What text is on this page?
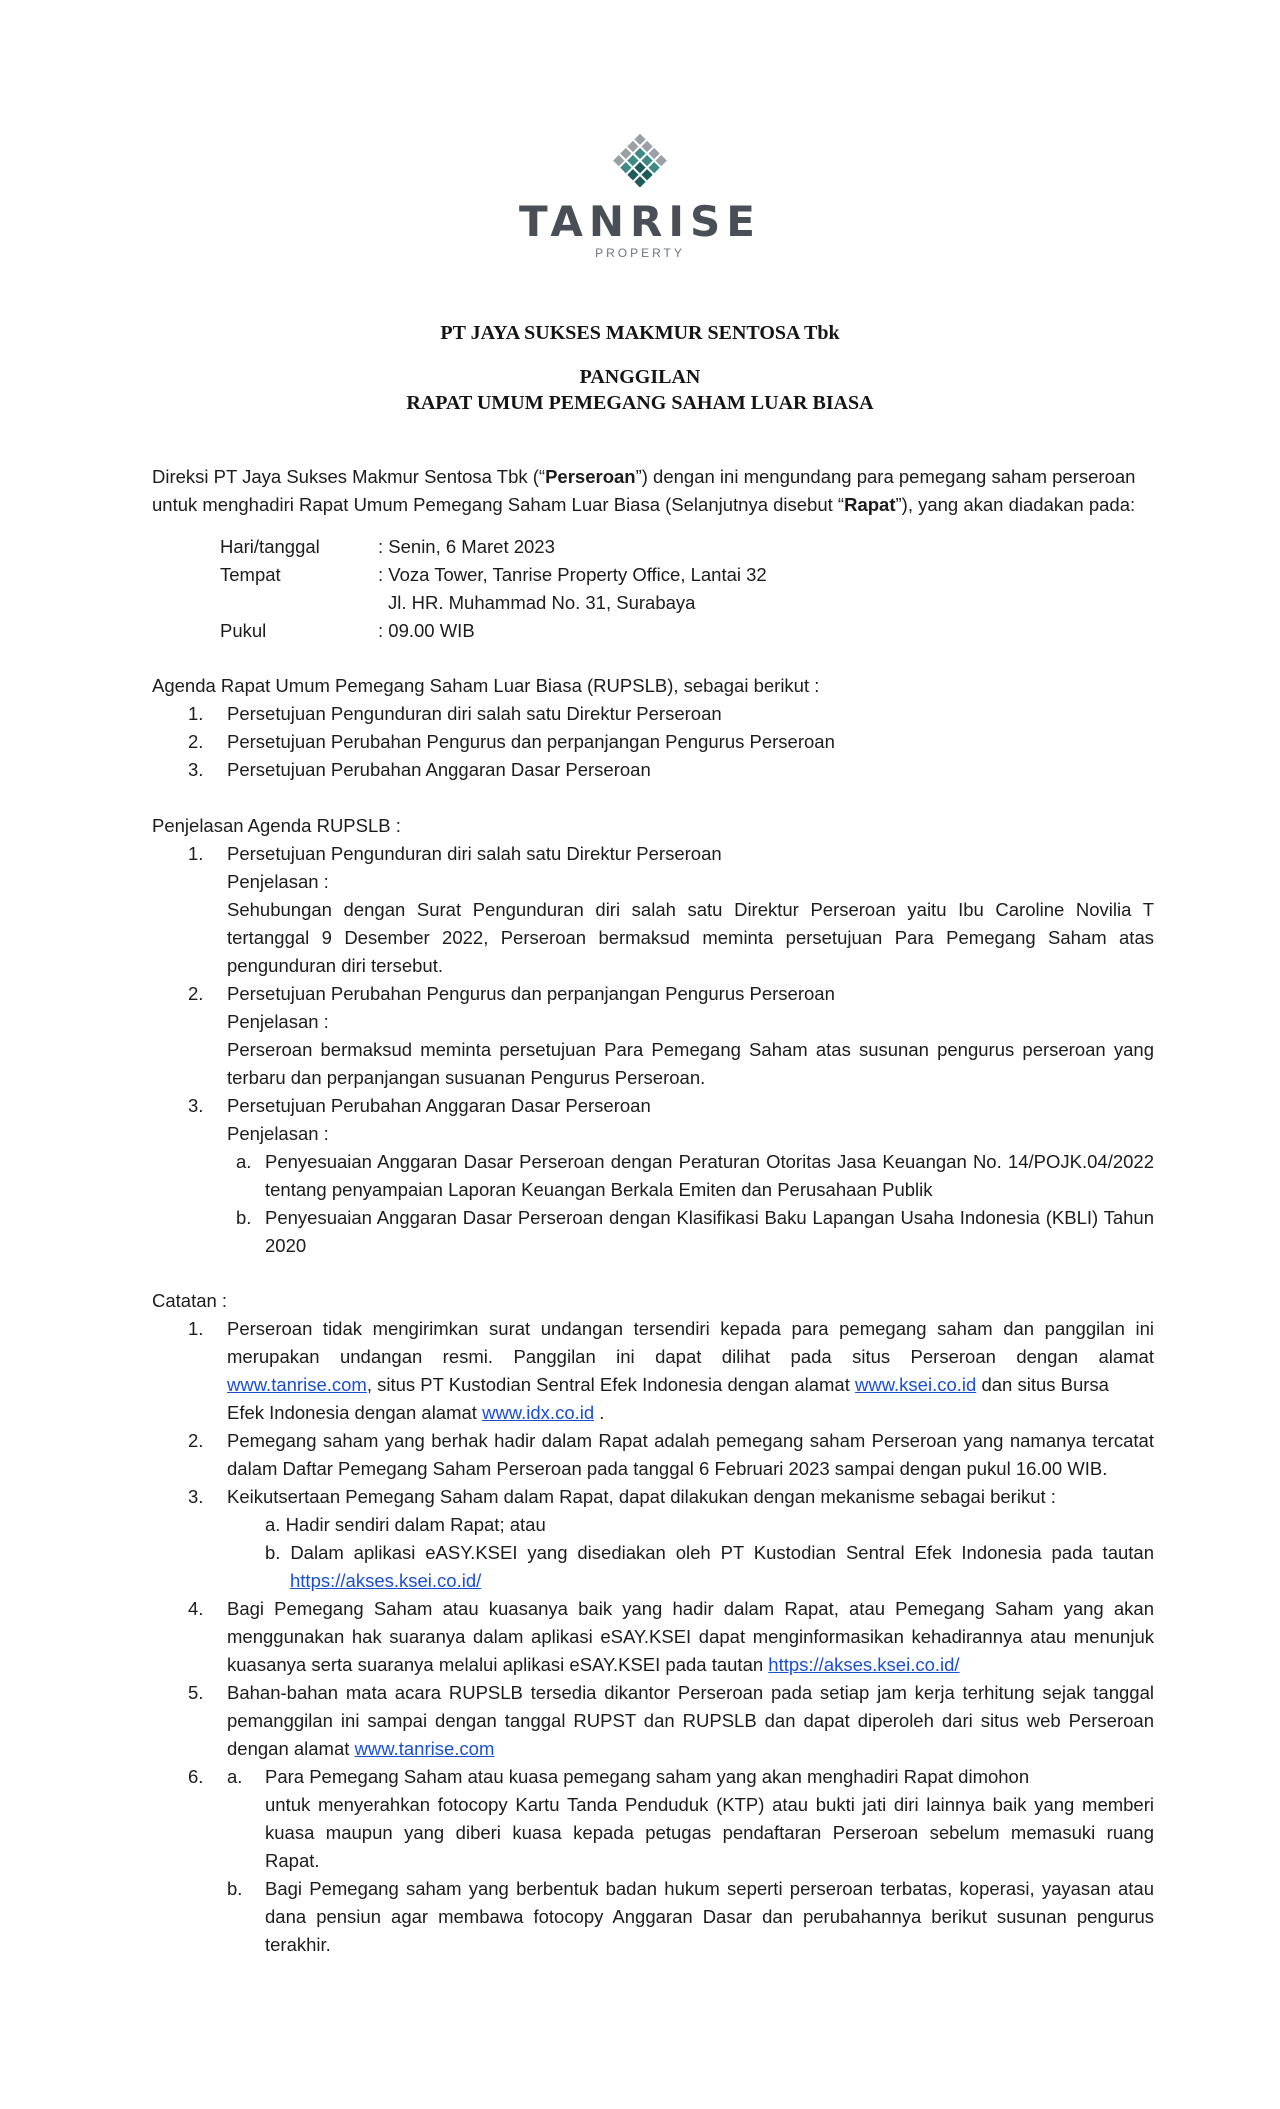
TANRISE
PROPERTY
PT JAYA SUKSES MAKMUR SENTOSA Tbk
PANGGILAN
RAPAT UMUM PEMEGANG SAHAM LUAR BIASA
Direksi PT Jaya Sukses Makmur Sentosa Tbk (“Perseroan”) dengan ini mengundang para pemegang saham perseroan
untuk menghadiri Rapat Umum Pemegang Saham Luar Biasa (Selanjutnya disebut “Rapat”), yang akan diadakan pada:
Hari/tanggal	: Senin, 6 Maret 2023
Tempat	: Voza Tower, Tanrise Property Office, Lantai 32
Jl. HR. Muhammad No. 31, Surabaya
Pukul	: 09.00 WIB
Agenda Rapat Umum Pemegang Saham Luar Biasa (RUPSLB), sebagai berikut :
1. Persetujuan Pengunduran diri salah satu Direktur Perseroan
2. Persetujuan Perubahan Pengurus dan perpanjangan Pengurus Perseroan
3. Persetujuan Perubahan Anggaran Dasar Perseroan
Penjelasan Agenda RUPSLB :
1. Persetujuan Pengunduran diri salah satu Direktur Perseroan
Penjelasan :
Sehubungan dengan Surat Pengunduran diri salah satu Direktur Perseroan yaitu Ibu Caroline Novilia T
tertanggal 9 Desember 2022, Perseroan bermaksud meminta persetujuan Para Pemegang Saham atas
pengunduran diri tersebut.
2. Persetujuan Perubahan Pengurus dan perpanjangan Pengurus Perseroan
Penjelasan :
Perseroan bermaksud meminta persetujuan Para Pemegang Saham atas susunan pengurus perseroan yang
terbaru dan perpanjangan susuanan Pengurus Perseroan.
3. Persetujuan Perubahan Anggaran Dasar Perseroan
Penjelasan :
a. Penyesuaian Anggaran Dasar Perseroan dengan Peraturan Otoritas Jasa Keuangan No. 14/POJK.04/2022
tentang penyampaian Laporan Keuangan Berkala Emiten dan Perusahaan Publik
b. Penyesuaian Anggaran Dasar Perseroan dengan Klasifikasi Baku Lapangan Usaha Indonesia (KBLI) Tahun
2020
Catatan :
1. Perseroan tidak mengirimkan surat undangan tersendiri kepada para pemegang saham dan panggilan ini
merupakan undangan resmi. Panggilan ini dapat dilihat pada situs Perseroan dengan alamat
www.tanrise.com, situs PT Kustodian Sentral Efek Indonesia dengan alamat www.ksei.co.id dan situs Bursa
Efek Indonesia dengan alamat www.idx.co.id .
2. Pemegang saham yang berhak hadir dalam Rapat adalah pemegang saham Perseroan yang namanya tercatat
dalam Daftar Pemegang Saham Perseroan pada tanggal 6 Februari 2023 sampai dengan pukul 16.00 WIB.
3. Keikutsertaan Pemegang Saham dalam Rapat, dapat dilakukan dengan mekanisme sebagai berikut :
a. Hadir sendiri dalam Rapat; atau
b. Dalam aplikasi eASY.KSEI yang disediakan oleh PT Kustodian Sentral Efek Indonesia pada tautan
https://akses.ksei.co.id/
4. Bagi Pemegang Saham atau kuasanya baik yang hadir dalam Rapat, atau Pemegang Saham yang akan
menggunakan hak suaranya dalam aplikasi eSAY.KSEI dapat menginformasikan kehadirannya atau menunjuk
kuasanya serta suaranya melalui aplikasi eSAY.KSEI pada tautan https://akses.ksei.co.id/
5. Bahan-bahan mata acara RUPSLB tersedia dikantor Perseroan pada setiap jam kerja terhitung sejak tanggal
pemanggilan ini sampai dengan tanggal RUPST dan RUPSLB dan dapat diperoleh dari situs web Perseroan
dengan alamat www.tanrise.com
6. a. Para Pemegang Saham atau kuasa pemegang saham yang akan menghadiri Rapat dimohon
untuk menyerahkan fotocopy Kartu Tanda Penduduk (KTP) atau bukti jati diri lainnya baik yang memberi
kuasa maupun yang diberi kuasa kepada petugas pendaftaran Perseroan sebelum memasuki ruang
Rapat.
b. Bagi Pemegang saham yang berbentuk badan hukum seperti perseroan terbatas, koperasi, yayasan atau
dana pensiun agar membawa fotocopy Anggaran Dasar dan perubahannya berikut susunan pengurus
terakhir.
